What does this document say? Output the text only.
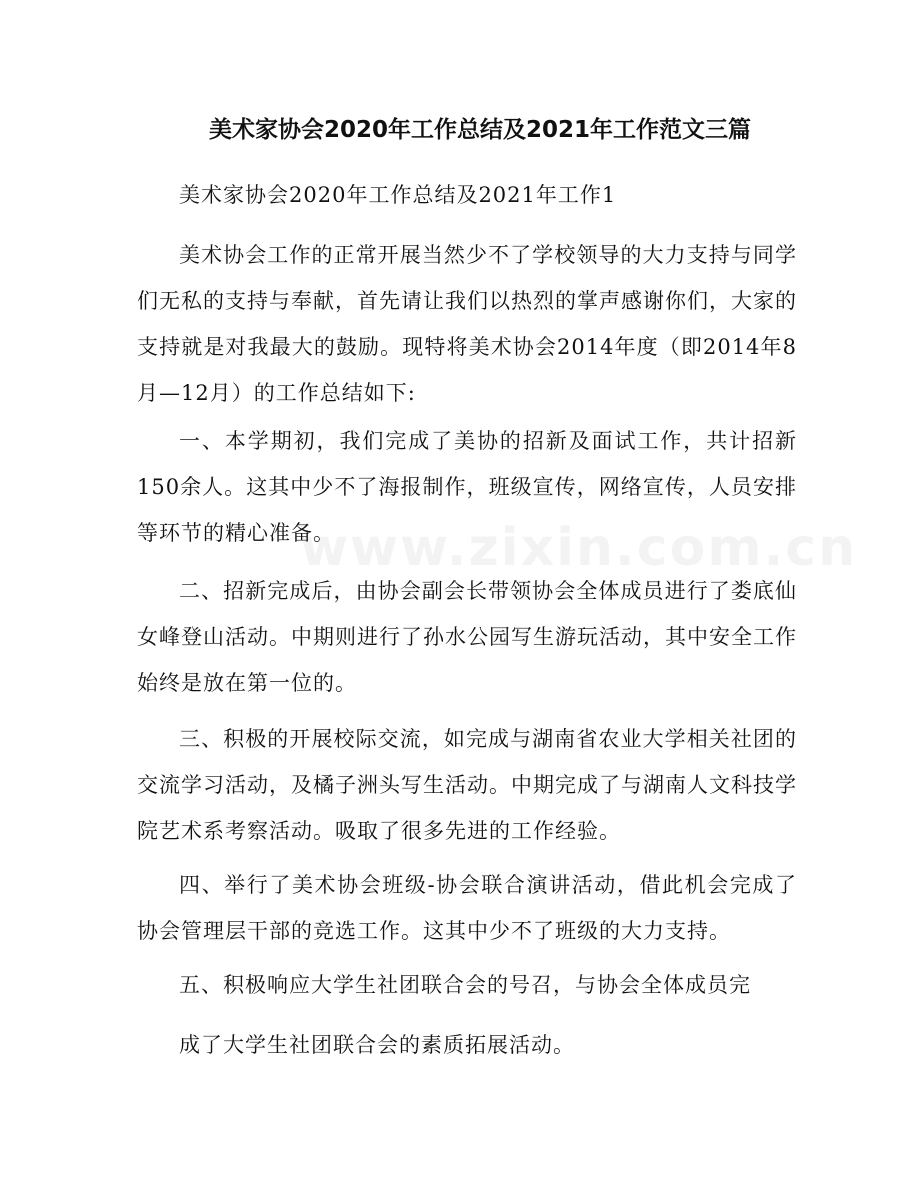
www.zixin.com.cn
美术家协会2020年工作总结及2021年工作范文三篇
美术家协会2020年工作总结及2021年工作1
美术协会工作的正常开展当然少不了学校领导的大力支持与同学们无私的支持与奉献，首先请让我们以热烈的掌声感谢你们，大家的支持就是对我最大的鼓励。现特将美术协会2014年度（即2014年8月—12月）的工作总结如下:
一、本学期初，我们完成了美协的招新及面试工作，共计招新150余人。这其中少不了海报制作，班级宣传，网络宣传，人员安排等环节的精心准备。
二、招新完成后，由协会副会长带领协会全体成员进行了娄底仙女峰登山活动。中期则进行了孙水公园写生游玩活动，其中安全工作始终是放在第一位的。
三、积极的开展校际交流，如完成与湖南省农业大学相关社团的交流学习活动，及橘子洲头写生活动。中期完成了与湖南人文科技学院艺术系考察活动。吸取了很多先进的工作经验。
四、举行了美术协会班级-协会联合演讲活动，借此机会完成了协会管理层干部的竞选工作。这其中少不了班级的大力支持。
五、积极响应大学生社团联合会的号召，与协会全体成员完
成了大学生社团联合会的素质拓展活动。
